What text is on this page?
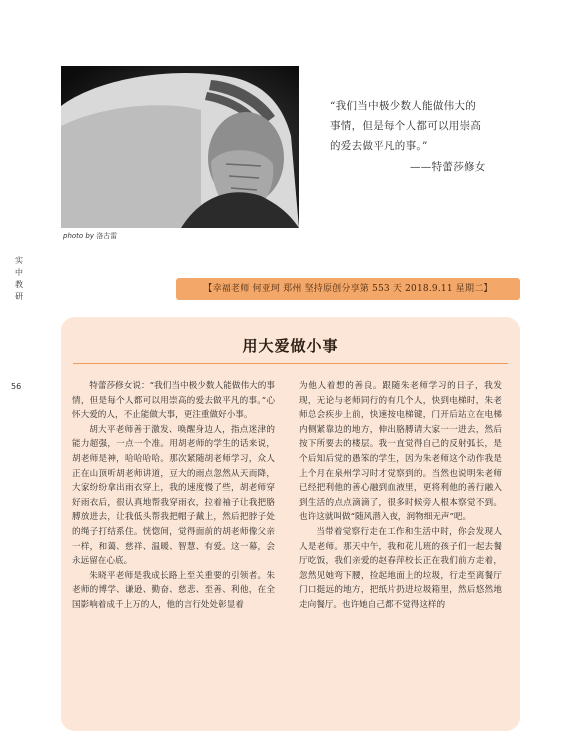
photo by 洛古雷
“我们当中极少数人能做伟大的
事情，但是每个人都可以用崇高
的爱去做平凡的事。”
——特蕾莎修女
实
中
教
研
56
【幸福老师 何亚珂 郑州 坚持原创分享第 553 天 2018.9.11 星期二】
用大爱做小事

特蕾莎修女说：“我们当中极少数人能做伟大的事情，但是每个人都可以用崇高的爱去做平凡的事。”心怀大爱的人，不止能做大事，更注重做好小事。

胡大平老师善于激发、唤醒身边人，指点迷津的能力超强，一点一个准。用胡老师的学生的话来说，胡老师是神，哈哈哈哈。那次紧随胡老师学习，众人正在山顶听胡老师讲道，豆大的雨点忽然从天而降，大家纷纷拿出雨衣穿上，我的速度慢了些，胡老师穿好雨衣后，很认真地帮我穿雨衣，拉着袖子让我把胳膊放进去，让我低头帮我把帽子戴上，然后把脖子处的绳子打结系住。恍惚间，觉得面前的胡老师像父亲一样，和蔼、慈祥、温暖、智慧、有爱。这一幕，会永远留在心底。

朱晓平老师是我成长路上至关重要的引领者。朱老师的博学、谦逊、勤奋、慈悲、至善、利他，在全国影响着成千上万的人，他的言行处处彰显着

为他人着想的善良。跟随朱老师学习的日子，我发现，无论与老师同行的有几个人，快到电梯时，朱老师总会疾步上前，快速按电梯键，门开后站立在电梯内侧紧靠边的地方，伸出胳膊请大家一一进去，然后按下所要去的楼层。我一直觉得自己的反射弧长，是个后知后觉的愚笨的学生，因为朱老师这个动作我是上个月在泉州学习时才觉察到的。当然也说明朱老师已经把利他的善心融到血液里，更将利他的善行融入到生活的点点滴滴了，很多时候旁人根本察觉不到。也许这就叫做“随风潜入夜，润物细无声”吧。

当带着觉察行走在工作和生活中时，你会发现人人是老师。那天中午，我和花儿班的孩子们一起去餐厅吃饭，我们亲爱的赵春萍校长正在我们前方走着，忽然见她弯下腰，捡起地面上的垃圾，行走至离餐厅门口挺远的地方，把纸片扔进垃圾箱里，然后悠然地走向餐厅。也许她自己都不觉得这样的
